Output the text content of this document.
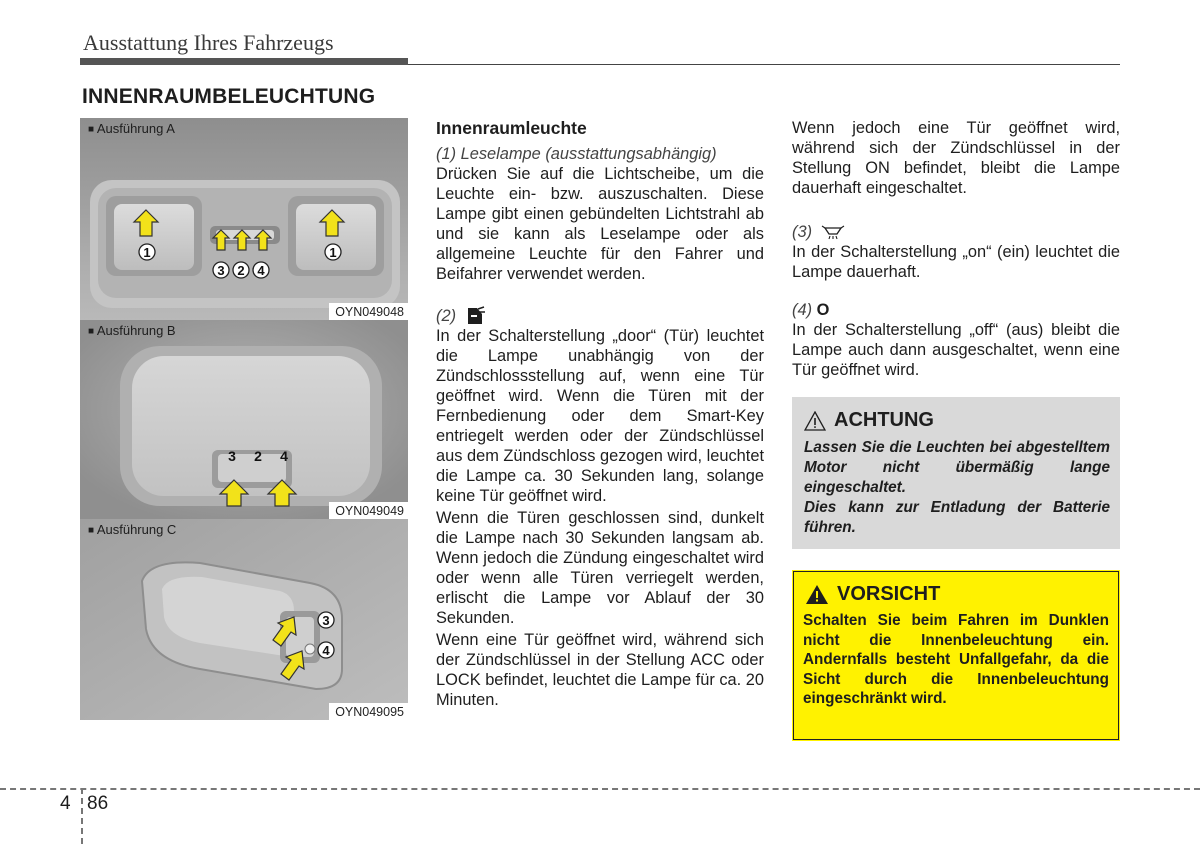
Ausstattung Ihres Fahrzeugs
INNENRAUMBELEUCHTUNG
1	1
3 2 4
■ Ausführung A
OYN049048
3 2 4
■ Ausführung B
OYN049049
3
4
■ Ausführung C
OYN049095

Innenraumleuchte

(1) Leselampe (ausstattungsabhängig)

Drücken Sie auf die Lichtscheibe, um die Leuchte ein- bzw. auszuschalten. Diese Lampe gibt einen gebündelten Lichtstrahl ab und sie kann als Leselampe oder als allgemeine Leuchte für den Fahrer und Beifahrer verwendet werden.

(2)

In der Schalterstellung „door“ (Tür) leuchtet die Lampe unabhängig von der Zündschlossstellung auf, wenn eine Tür geöffnet wird. Wenn die Türen mit der Fernbedienung oder dem Smart-Key entriegelt werden oder der Zündschlüssel aus dem Zündschloss gezogen wird, leuchtet die Lampe ca. 30 Sekunden lang, solange keine Tür geöffnet wird.

Wenn die Türen geschlossen sind, dunkelt die Lampe nach 30 Sekunden langsam ab. Wenn jedoch die Zündung eingeschaltet wird oder wenn alle Türen verriegelt werden, erlischt die Lampe vor Ablauf der 30 Sekunden.

Wenn eine Tür geöffnet wird, während sich der Zündschlüssel in der Stellung ACC oder LOCK befindet, leuchtet die Lampe für ca. 20 Minuten.

Wenn jedoch eine Tür geöffnet wird, während sich der Zündschlüssel in der Stellung ON befindet, bleibt die Lampe dauerhaft eingeschaltet.

(3)

In der Schalterstellung „on“ (ein) leuchtet die Lampe dauerhaft.

(4) O

In der Schalterstellung „off“ (aus) bleibt die Lampe auch dann ausgeschaltet, wenn eine Tür geöffnet wird.

ACHTUNG
Lassen Sie die Leuchten bei abgestelltem Motor nicht übermäßig lange eingeschaltet.
Dies kann zur Entladung der Batterie führen.
VORSICHT
Schalten Sie beim Fahren im Dunklen nicht die Innenbeleuchtung ein. Andernfalls besteht Unfallgefahr, da die Sicht durch die Innenbeleuchtung eingeschränkt wird.
4 86
